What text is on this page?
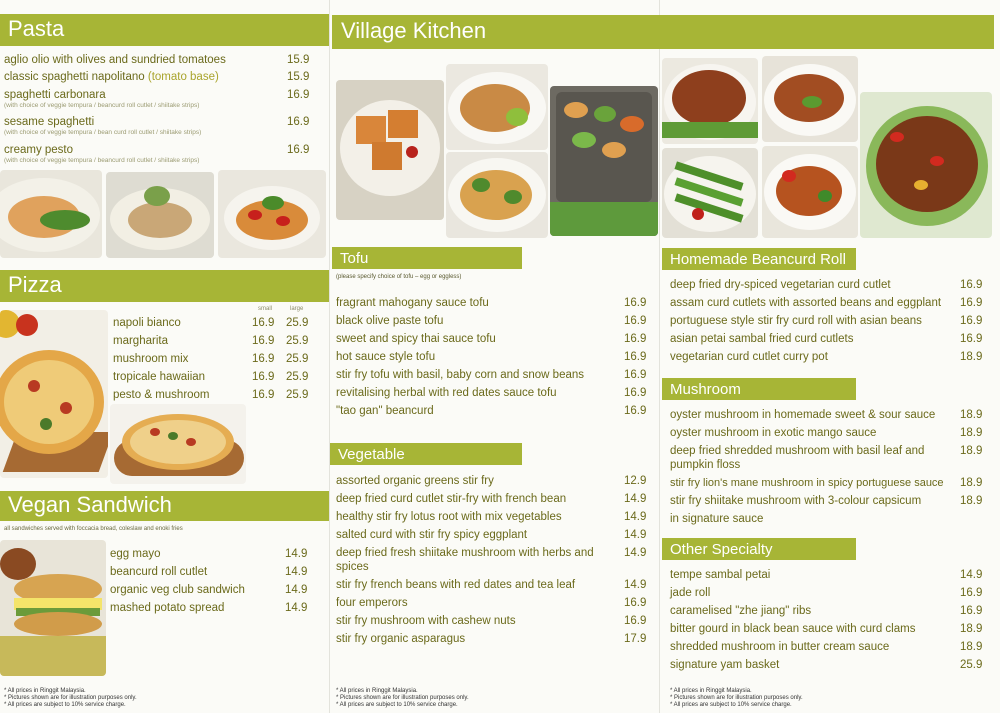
Pasta
aglio olio with olives and sundried tomatoes	15.9
classic spaghetti napolitano (tomato base)	15.9
spaghetti carbonara	16.9
(with choice of veggie tempura / beancurd roll cutlet / shiitake strips)
sesame spaghetti	16.9
(with choice of veggie tempura / bean curd roll cutlet / shiitake strips)
creamy pesto	16.9
(with choice of veggie tempura / beancurd roll cutlet / shiitake strips)
Pizza
small	large
napoli bianco	16.9 25.9
margharita	16.9 25.9
mushroom mix	16.9 25.9
tropicale hawaiian	16.9 25.9
pesto & mushroom	16.9 25.9
Vegan Sandwich
all sandwiches served with foccacia bread, coleslaw and enoki fries
egg mayo	14.9
beancurd roll cutlet	14.9
organic veg club sandwich	14.9
mashed potato spread	14.9
* All prices in Ringgit Malaysia.
* Pictures shown are for illustration purposes only.
* All prices are subject to 10% service charge.
Village Kitchen
Tofu
(please specify choice of tofu – egg or eggless)
fragrant mahogany sauce tofu	16.9
black olive paste tofu	16.9
sweet and spicy thai sauce tofu	16.9
hot sauce style tofu	16.9
stir fry tofu with basil, baby corn and snow beans	16.9
revitalising herbal with red dates sauce tofu	16.9
"tao gan" beancurd	16.9
Vegetable
assorted organic greens stir fry	12.9
deep fried curd cutlet stir-fry with french bean	14.9
healthy stir fry lotus root with mix vegetables	14.9
salted curd with stir fry spicy eggplant	14.9
deep fried fresh shiitake mushroom with herbs and	14.9
spices
stir fry french beans with red dates and tea leaf	14.9
four emperors	16.9
stir fry mushroom with cashew nuts	16.9
stir fry organic asparagus	17.9
* All prices in Ringgit Malaysia.
* Pictures shown are for illustration purposes only.
* All prices are subject to 10% service charge.
Homemade Beancurd Roll
deep fried dry-spiced vegetarian curd cutlet	16.9
assam curd cutlets with assorted beans and eggplant 16.9
portuguese style stir fry curd roll with asian beans	16.9
asian petai sambal fried curd cutlets	16.9
vegetarian curd cutlet curry pot	18.9
Mushroom
oyster mushroom in homemade sweet & sour sauce 18.9
oyster mushroom in exotic mango sauce	18.9
deep fried shredded mushroom with basil leaf and	18.9
pumpkin floss
stir fry lion's mane mushroom in spicy portuguese sauce 18.9
stir fry shiitake mushroom with 3-colour capsicum	18.9
in signature sauce
Other Specialty
tempe sambal petai	14.9
jade roll	16.9
caramelised "zhe jiang" ribs	16.9
bitter gourd in black bean sauce with curd clams	18.9
shredded mushroom in butter cream sauce	18.9
signature yam basket	25.9
* All prices in Ringgit Malaysia.
* Pictures shown are for illustration purposes only.
* All prices are subject to 10% service charge.
